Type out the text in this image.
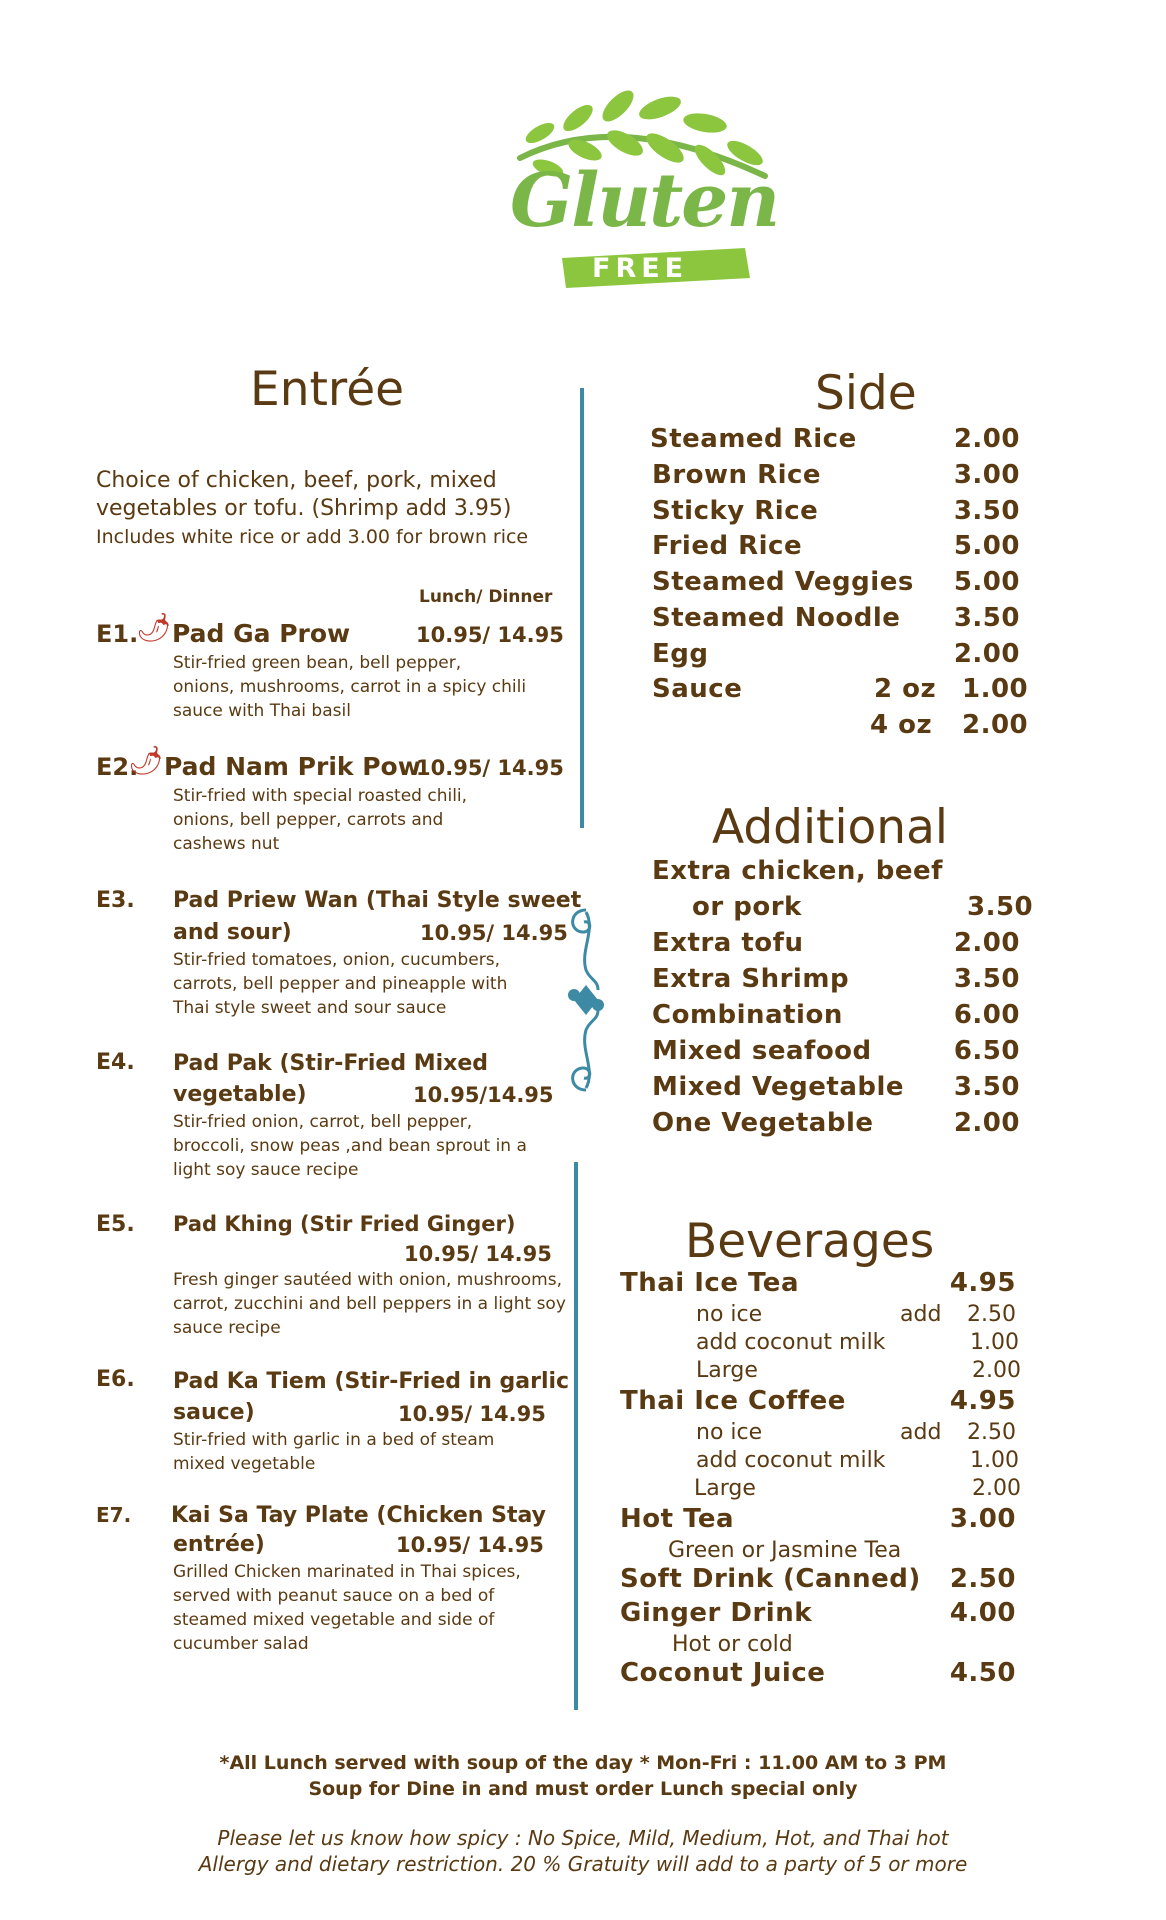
Gluten
FREE
Entrée
Choice of chicken, beef, pork, mixed
vegetables or tofu. (Shrimp add 3.95)
Includes white rice or add 3.00 for brown rice
Lunch/ Dinner
E1.
🌶 Pad Ga Prow	10.95/ 14.95
Stir-fried green bean, bell pepper,
onions, mushrooms, carrot in a spicy chili
sauce with Thai basil
E2.
🌶 Pad Nam Prik Pow
10.95/ 14.95
Stir-fried with special roasted chili,
onions, bell pepper, carrots and
cashews nut
E3. Pad Priew Wan (Thai Style sweet
and sour)	10.95/ 14.95
Stir-fried tomatoes, onion, cucumbers,
carrots, bell pepper and pineapple with
Thai style sweet and sour sauce
E4. Pad Pak (Stir-Fried Mixed
vegetable)	10.95/14.95
Stir-fried onion, carrot, bell pepper,
broccoli, snow peas ,and bean sprout in a
light soy sauce recipe
E5. Pad Khing (Stir Fried Ginger)
10.95/ 14.95
Fresh ginger sautéed with onion, mushrooms,
carrot, zucchini and bell peppers in a light soy
sauce recipe
E6. Pad Ka Tiem (Stir-Fried in garlic
sauce)	10.95/ 14.95
Stir-fried with garlic in a bed of steam
mixed vegetable
E7. Kai Sa Tay Plate (Chicken Stay
entrée)	10.95/ 14.95
Grilled Chicken marinated in Thai spices,
served with peanut sauce on a bed of
steamed mixed vegetable and side of
cucumber salad
Side
Steamed Rice	2.00
Brown Rice	3.00
Sticky Rice	3.50
Fried Rice	5.00
Steamed Veggies 5.00
Steamed Noodle 3.50
Egg	2.00
Sauce	2 oz 1.00
4 oz 2.00
Additional
Extra chicken, beef
or pork	3.50
Extra tofu	2.00
Extra Shrimp	3.50
Combination	6.00
Mixed seafood	6.50
Mixed Vegetable 3.50
One Vegetable	2.00
Beverages
Thai Ice Tea	4.95
no ice	add 2.50
add coconut milk	1.00
Large	2.00
Thai Ice Coffee	4.95
no ice	add 2.50
add coconut milk	1.00
Large	2.00
Hot Tea	3.00
Green or Jasmine Tea
Soft Drink (Canned) 2.50
Ginger Drink	4.00
Hot or cold
Coconut Juice	4.50
*All Lunch served with soup of the day * Mon-Fri : 11.00 AM to 3 PM
Soup for Dine in and must order Lunch special only
Please let us know how spicy : No Spice, Mild, Medium, Hot, and Thai hot
Allergy and dietary restriction. 20 % Gratuity will add to a party of 5 or more
